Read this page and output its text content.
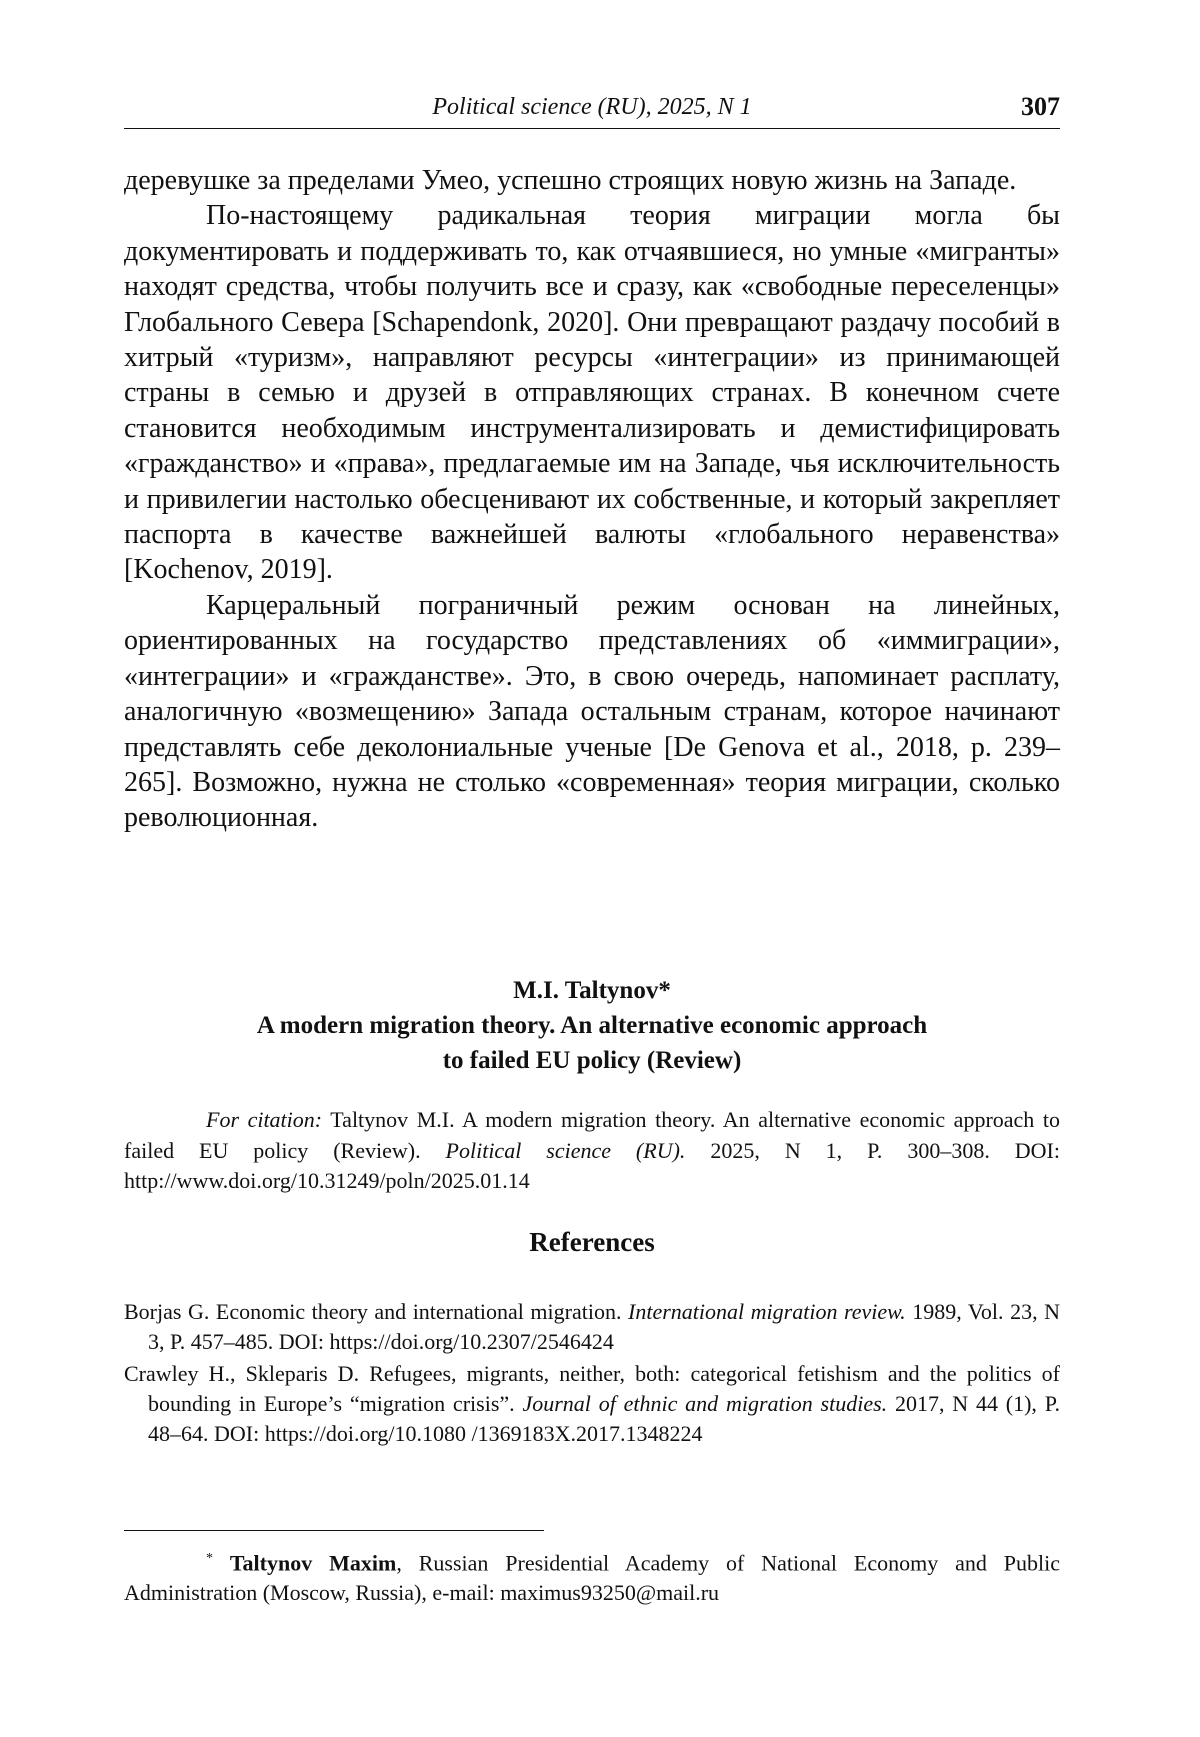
Political science (RU), 2025, N 1	307

деревушке за пределами Умео, успешно строящих новую жизнь на Западе.

По-настоящему радикальная теория миграции могла бы документировать и поддерживать то, как отчаявшиеся, но умные «мигранты» находят средства, чтобы получить все и сразу, как «свободные переселенцы» Глобального Севера [Schapendonk, 2020]. Они превращают раздачу пособий в хитрый «туризм», направляют ресурсы «интеграции» из принимающей страны в семью и друзей в отправляющих странах. В конечном счете становится необходимым инструментализировать и демистифицировать «гражданство» и «права», предлагаемые им на Западе, чья исключительность и привилегии настолько обесценивают их собственные, и который закрепляет паспорта в качестве важнейшей валюты «глобального неравенства» [Kochenov, 2019].

Карцеральный пограничный режим основан на линейных, ориентированных на государство представлениях об «иммиграции», «интеграции» и «гражданстве». Это, в свою очередь, напоминает расплату, аналогичную «возмещению» Запада остальным странам, которое начинают представлять себе деколониальные ученые [De Genova et al., 2018, p. 239–265]. Возможно, нужна не столько «современная» теория миграции, сколько революционная.

M.I. Taltynov*
A modern migration theory. An alternative economic approach
to failed EU policy (Review)
For citation: Taltynov M.I. A modern migration theory. An alternative economic approach to failed EU policy (Review). Political science (RU). 2025, N 1, P. 300–308. DOI: http://www.doi.org/10.31249/poln/2025.01.14
References

Borjas G. Economic theory and international migration. International migration review. 1989, Vol. 23, N 3, P. 457–485. DOI: https://doi.org/10.2307/2546424

Crawley H., Skleparis D. Refugees, migrants, neither, both: categorical fetishism and the politics of bounding in Europe’s “migration crisis”. Journal of ethnic and migration studies. 2017, N 44 (1), P. 48–64. DOI: https://doi.org/10.1080 /1369183X.2017.1348224

* Taltynov Maxim, Russian Presidential Academy of National Economy and Public Administration (Moscow, Russia), e-mail: maximus93250@mail.ru
